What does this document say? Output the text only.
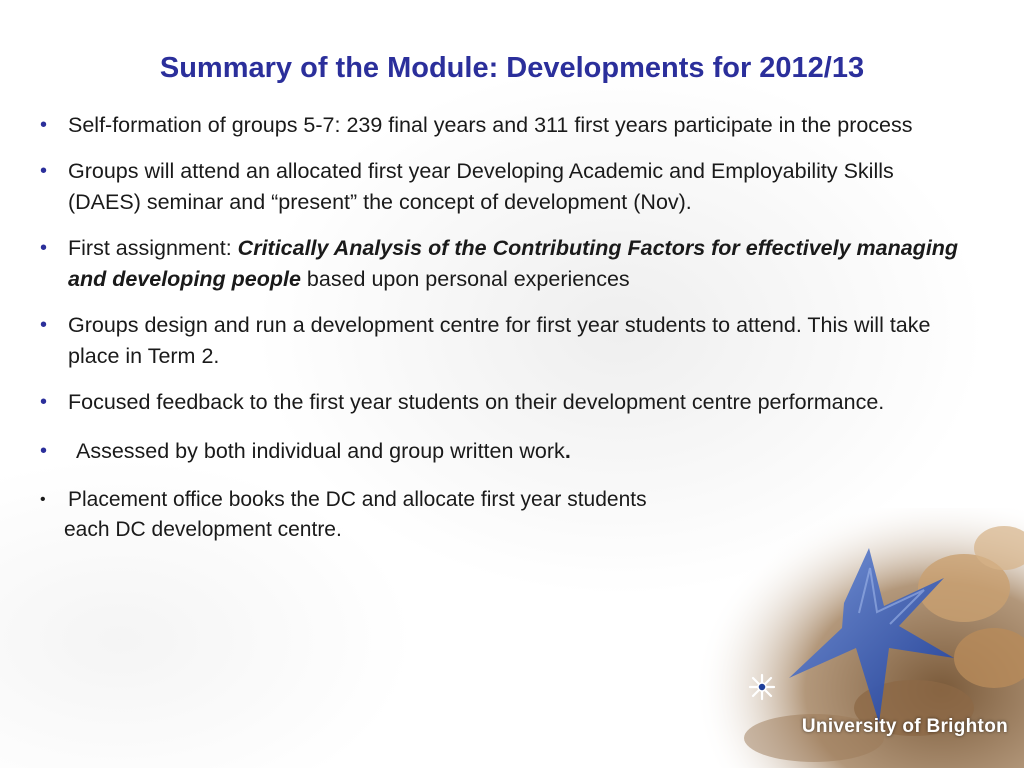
Summary of the Module: Developments for 2012/13
• Self-formation of groups 5-7: 239 final years and 311 first years participate in the process
• Groups will attend an allocated first year Developing Academic and Employability Skills (DAES) seminar and “present” the concept of development (Nov).
• First assignment: Critically Analysis of the Contributing Factors for effectively managing and developing people based upon personal experiences
• Groups design and run a development centre for first year students to attend. This will take place in Term 2.
• Focused feedback to the first year students on their development centre performance.
• Assessed by both individual and group written work.
• Placement office books the DC and allocate first year students
each DC development centre.
University of Brighton
